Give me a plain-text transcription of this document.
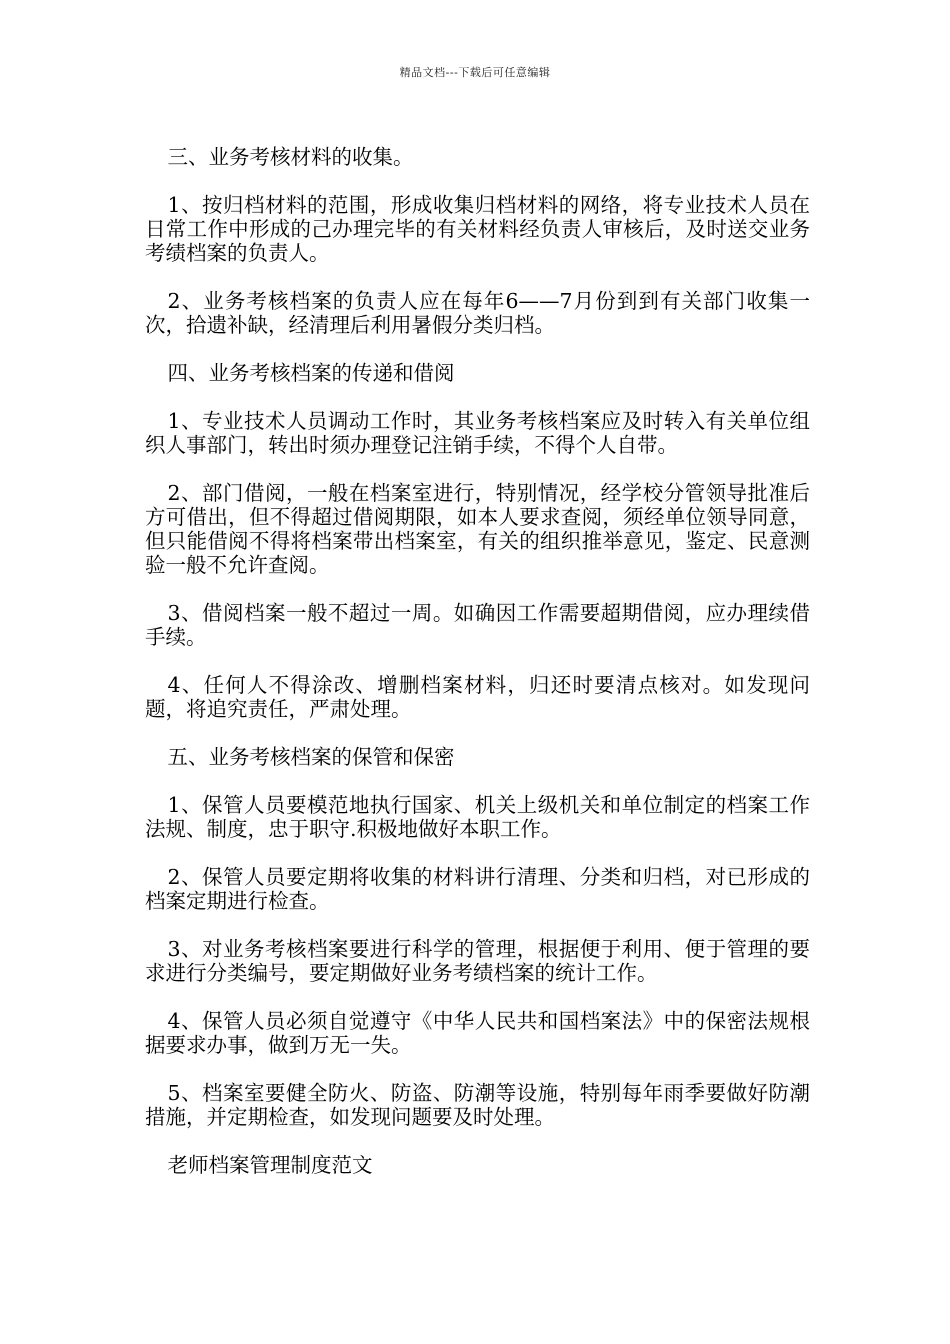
精品文档---下载后可任意编辑

三、业务考核材料的收集。

1、按归档材料的范围，形成收集归档材料的网络，将专业技术人员在日常工作中形成的己办理完毕的有关材料经负责人审核后，及时送交业务考绩档案的负责人。

2、业务考核档案的负责人应在每年6——7月份到到有关部门收集一次，拾遗补缺，经清理后利用暑假分类归档。

四、业务考核档案的传递和借阅

1、专业技术人员调动工作时，其业务考核档案应及时转入有关单位组织人事部门，转出时须办理登记注销手续，不得个人自带。

2、部门借阅，一般在档案室进行，特别情况，经学校分管领导批准后方可借出，但不得超过借阅期限，如本人要求查阅，须经单位领导同意，但只能借阅不得将档案带出档案室，有关的组织推举意见，鉴定、民意测验一般不允许查阅。

3、借阅档案一般不超过一周。如确因工作需要超期借阅，应办理续借手续。

4、任何人不得涂改、增删档案材料，归还时要清点核对。如发现问题，将追究责任，严肃处理。

五、业务考核档案的保管和保密

1、保管人员要模范地执行国家、机关上级机关和单位制定的档案工作法规、制度，忠于职守.积极地做好本职工作。

2、保管人员要定期将收集的材料讲行清理、分类和归档，对已形成的档案定期进行检查。

3、对业务考核档案要进行科学的管理，根据便于利用、便于管理的要求进行分类编号，要定期做好业务考绩档案的统计工作。

4、保管人员必须自觉遵守《中华人民共和国档案法》中的保密法规根据要求办事，做到万无一失。

5、档案室要健全防火、防盗、防潮等设施，特别每年雨季要做好防潮措施，并定期检查，如发现问题要及时处理。

老师档案管理制度范文
